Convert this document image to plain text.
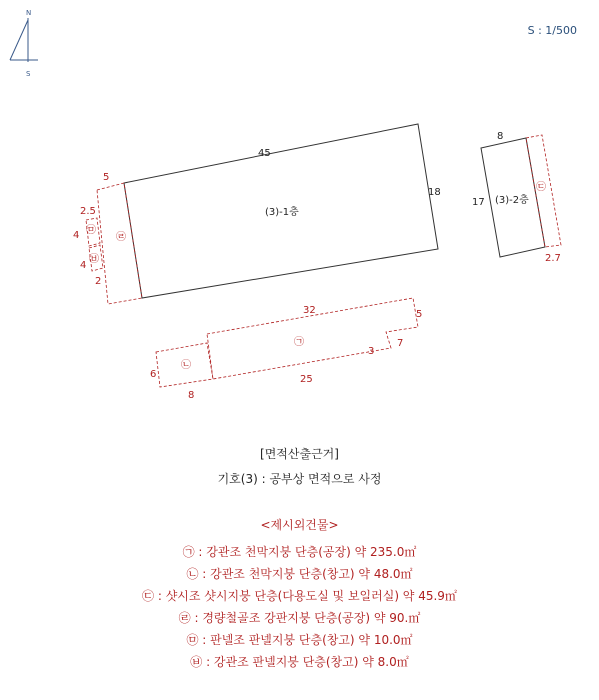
S : 1/500
N
S
45
18
(3)-1층
8
17 (3)-2층
5
2.5
4
4
2
2.7
32	5
7
3
25
6
8
㉣
㉤
㉥
㉢
㉠
㉡
[면적산출근거]
기호(3) : 공부상 면적으로 사정
<제시외건물>
㉠ : 강관조 천막지붕 단층(공장) 약 235.0㎡
㉡ : 강관조 천막지붕 단층(창고) 약 48.0㎡
㉢ : 샷시조 샷시지붕 단층(다용도실 및 보일러실) 약 45.9㎡
㉣ : 경량철골조 강판지붕 단층(공장) 약 90.㎡
㉤ : 판넬조 판넬지붕 단층(창고) 약 10.0㎡
㉥ : 강관조 판넬지붕 단층(창고) 약 8.0㎡
